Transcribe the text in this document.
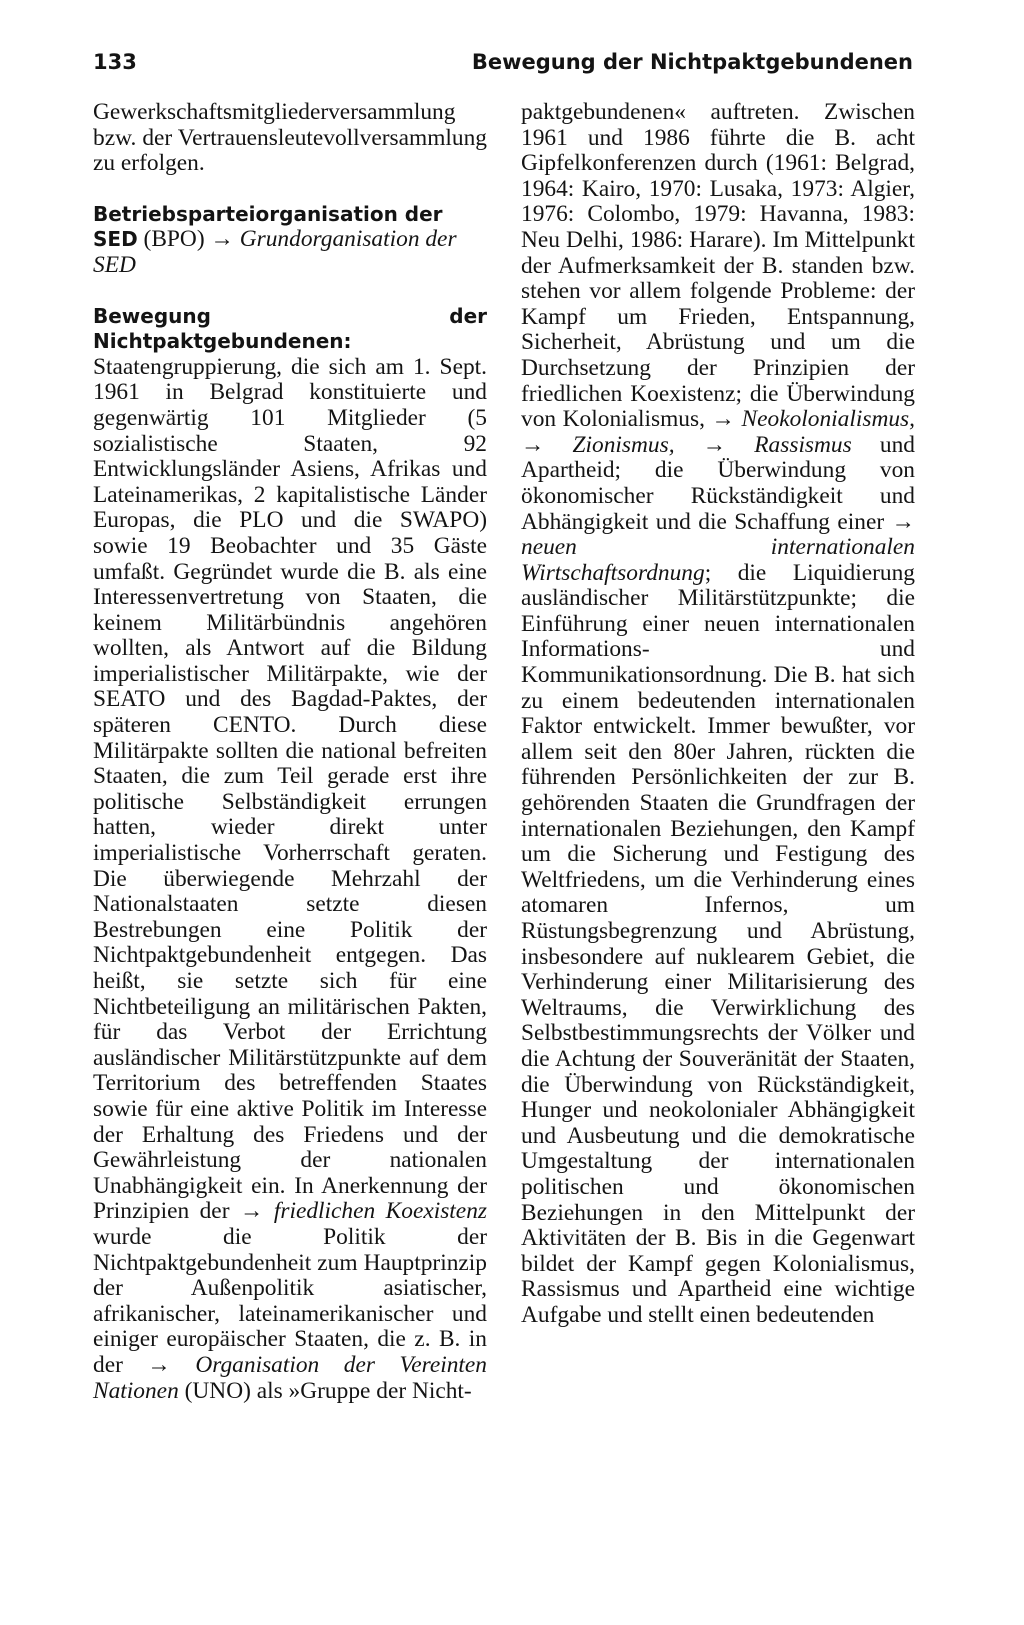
133	Bewegung der Nichtpaktgebundenen

Gewerkschaftsmitgliederversammlung bzw. der Vertrauensleutevollversammlung zu erfolgen.

Betriebsparteiorganisation der SED (BPO) → Grundorganisation der SED

Bewegung der Nichtpaktgebundenen: Staatengruppierung, die sich am 1. Sept. 1961 in Belgrad konstituierte und gegenwärtig 101 Mitglieder (5 sozialistische Staaten, 92 Entwicklungsländer Asiens, Afrikas und Lateinamerikas, 2 kapitalistische Länder Europas, die PLO und die SWAPO) sowie 19 Beobachter und 35 Gäste umfaßt. Gegründet wurde die B. als eine Interessenvertretung von Staaten, die keinem Militärbündnis angehören wollten, als Antwort auf die Bildung imperialistischer Militärpakte, wie der SEATO und des Bagdad-Paktes, der späteren CENTO. Durch diese Militärpakte sollten die national befreiten Staaten, die zum Teil gerade erst ihre politische Selbständigkeit errungen hatten, wieder direkt unter imperialistische Vorherrschaft geraten. Die überwiegende Mehrzahl der Nationalstaaten setzte diesen Bestrebungen eine Politik der Nichtpaktgebundenheit entgegen. Das heißt, sie setzte sich für eine Nichtbeteiligung an militärischen Pakten, für das Verbot der Errichtung ausländischer Militärstützpunkte auf dem Territorium des betreffenden Staates sowie für eine aktive Politik im Interesse der Erhaltung des Friedens und der Gewährleistung der nationalen Unabhängigkeit ein. In Anerkennung der Prinzipien der → friedlichen Koexistenz wurde die Politik der Nichtpaktgebundenheit zum Hauptprinzip der Außenpolitik asiatischer, afrikanischer, lateinamerikanischer und einiger europäischer Staaten, die z. B. in der → Organisation der Vereinten Nationen (UNO) als »Gruppe der Nicht-

paktgebundenen« auftreten. Zwischen 1961 und 1986 führte die B. acht Gipfelkonferenzen durch (1961: Belgrad, 1964: Kairo, 1970: Lusaka, 1973: Algier, 1976: Colombo, 1979: Havanna, 1983: Neu Delhi, 1986: Harare). Im Mittelpunkt der Aufmerksamkeit der B. standen bzw. stehen vor allem folgende Probleme: der Kampf um Frieden, Entspannung, Sicherheit, Abrüstung und um die Durchsetzung der Prinzipien der friedlichen Koexistenz; die Überwindung von Kolonialismus, → Neokolonialismus, → Zionismus, → Rassismus und Apartheid; die Überwindung von ökonomischer Rückständigkeit und Abhängigkeit und die Schaffung einer → neuen internationalen Wirtschaftsordnung; die Liquidierung ausländischer Militärstützpunkte; die Einführung einer neuen internationalen Informations- und Kommunikationsordnung. Die B. hat sich zu einem bedeutenden internationalen Faktor entwickelt. Immer bewußter, vor allem seit den 80er Jahren, rückten die führenden Persönlichkeiten der zur B. gehörenden Staaten die Grundfragen der internationalen Beziehungen, den Kampf um die Sicherung und Festigung des Weltfriedens, um die Verhinderung eines atomaren Infernos, um Rüstungsbegrenzung und Abrüstung, insbesondere auf nuklearem Gebiet, die Verhinderung einer Militarisierung des Weltraums, die Verwirklichung des Selbstbestimmungsrechts der Völker und die Achtung der Souveränität der Staaten, die Überwindung von Rückständigkeit, Hunger und neokolonialer Abhängigkeit und Ausbeutung und die demokratische Umgestaltung der internationalen politischen und ökonomischen Beziehungen in den Mittelpunkt der Aktivitäten der B. Bis in die Gegenwart bildet der Kampf gegen Kolonialismus, Rassismus und Apartheid eine wichtige Aufgabe und stellt einen bedeutenden
